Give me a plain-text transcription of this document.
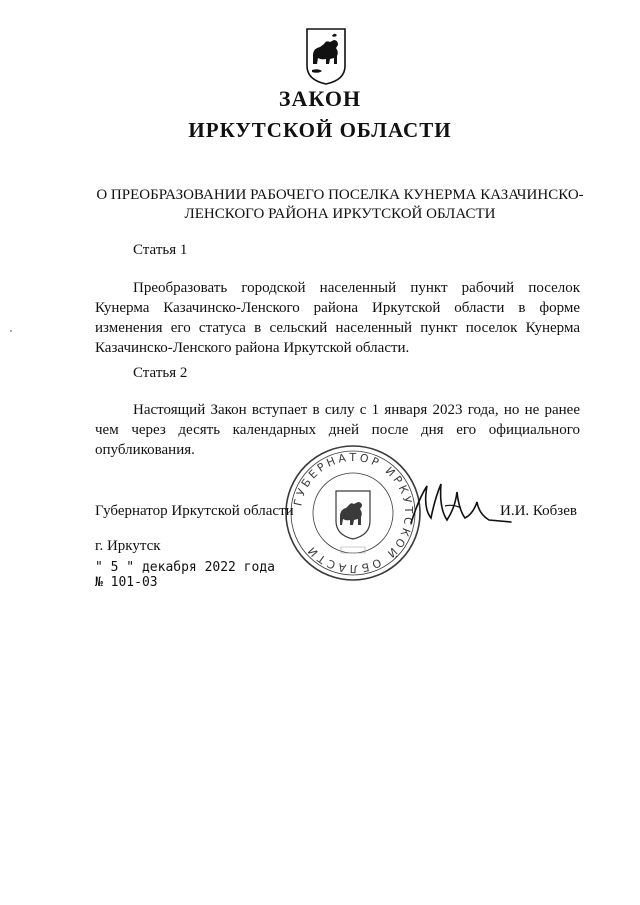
ЗАКОН
ИРКУТСКОЙ ОБЛАСТИ
О ПРЕОБРАЗОВАНИИ РАБОЧЕГО ПОСЕЛКА КУНЕРМА КАЗАЧИНСКО-ЛЕНСКОГО РАЙОНА ИРКУТСКОЙ ОБЛАСТИ
Статья 1
Преобразовать городской населенный пункт рабочий поселок Кунерма Казачинско-Ленского района Иркутской области в форме изменения его статуса в сельский населенный пункт поселок Кунерма Казачинско-Ленского района Иркутской области.
Статья 2
Настоящий Закон вступает в силу с 1 января 2023 года, но не ранее чем через десять календарных дней после дня его официального опубликования.
ГУБЕРНАТОР ИРКУТСКОЙ ОБЛАСТИ
Губернатор Иркутской области	И.И. Кобзев
г. Иркутск
" 5 " декабря 2022 года
№ 101-03
